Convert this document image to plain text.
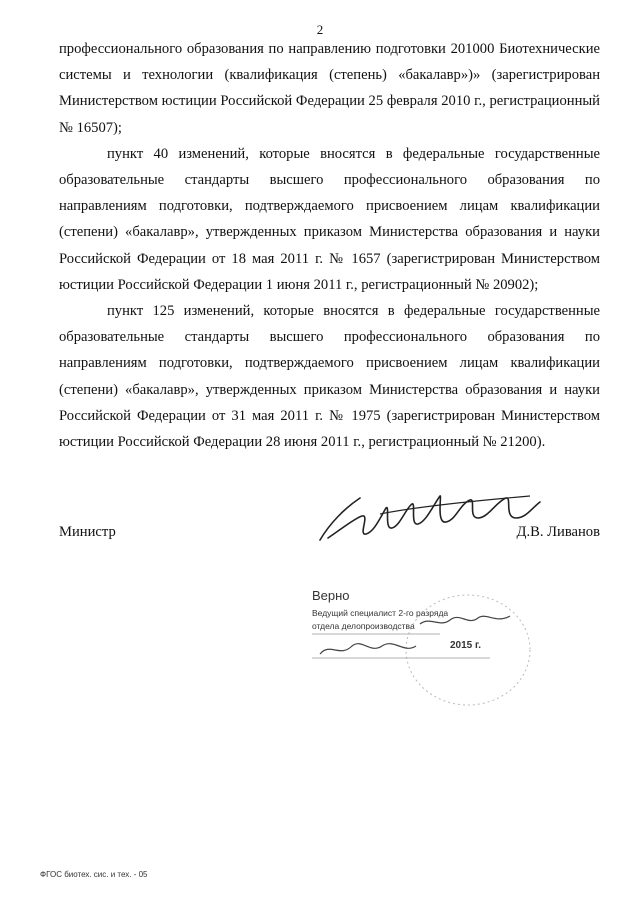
2

профессионального образования по направлению подготовки 201000 Биотехнические системы и технологии (квалификация (степень) «бакалавр»)» (зарегистрирован Министерством юстиции Российской Федерации 25 февраля 2010 г., регистрационный № 16507);

пункт 40 изменений, которые вносятся в федеральные государственные образовательные стандарты высшего профессионального образования по направлениям подготовки, подтверждаемого присвоением лицам квалификации (степени) «бакалавр», утвержденных приказом Министерства образования и науки Российской Федерации от 18 мая 2011 г. № 1657 (зарегистрирован Министерством юстиции Российской Федерации 1 июня 2011 г., регистрационный № 20902);

пункт 125 изменений, которые вносятся в федеральные государственные образовательные стандарты высшего профессионального образования по направлениям подготовки, подтверждаемого присвоением лицам квалификации (степени) «бакалавр», утвержденных приказом Министерства образования и науки Российской Федерации от 31 мая 2011 г. № 1975 (зарегистрирован Министерством юстиции Российской Федерации 28 июня 2011 г., регистрационный № 21200).

Министр	Д.В. Ливанов
Верно
Ведущий специалист 2-го разряда
отдела делопроизводства
2015 г.
ФГОС биотех. сис. и тех. - 05
